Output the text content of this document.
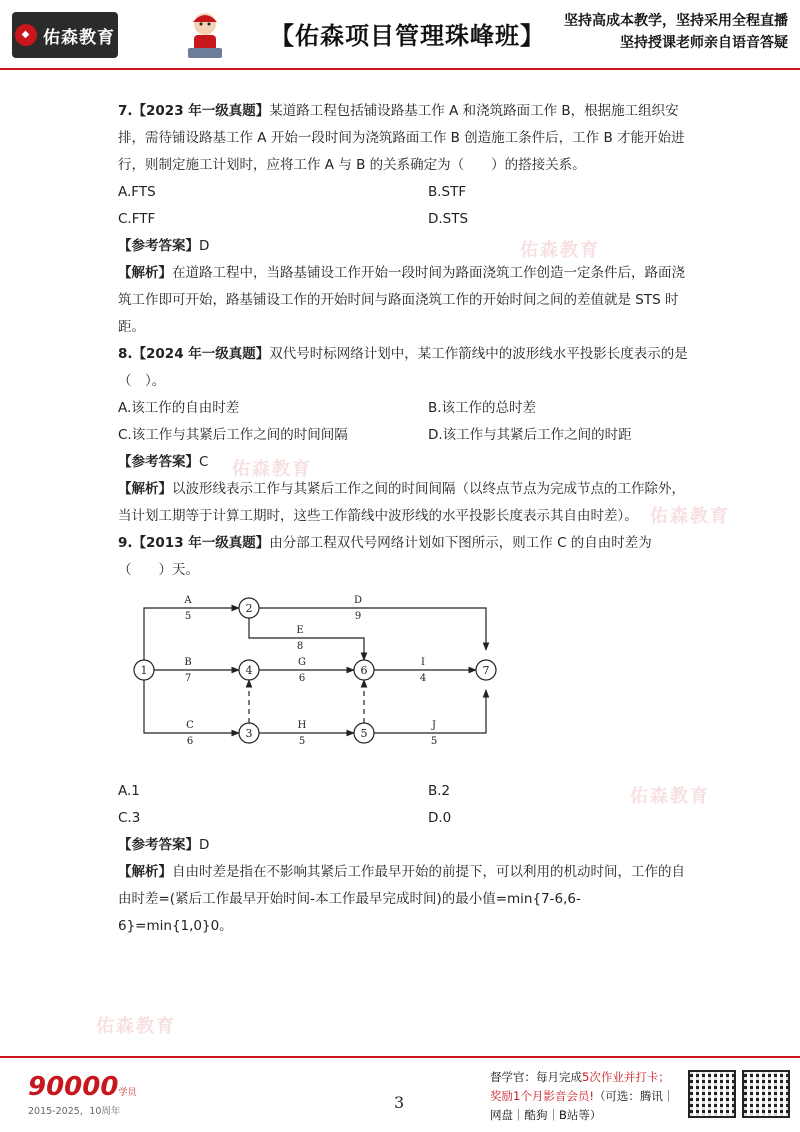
◆ 佑森教育	【佑森项目管理珠峰班】
坚持高成本教学，坚持采用全程直播
坚持授课老师亲自语音答疑
佑森教育
佑森教育
佑森教育
佑森教育
佑森教育

7.【2023 年一级真题】某道路工程包括铺设路基工作 A 和浇筑路面工作 B，根据施工组织安排，需待铺设路基工作 A 开始一段时间为浇筑路面工作 B 创造施工条件后，工作 B 才能开始进行，则制定施工计划时，应将工作 A 与 B 的关系确定为（　　）的搭接关系。

A.FTS	B.STF
C.FTF	D.STS

【参考答案】D

【解析】在道路工程中，当路基铺设工作开始一段时间为路面浇筑工作创造一定条件后，路面浇筑工作即可开始，路基铺设工作的开始时间与路面浇筑工作的开始时间之间的差值就是 STS 时距。

8.【2024 年一级真题】双代号时标网络计划中，某工作箭线中的波形线水平投影长度表示的是（　）。

A.该工作的自由时差	B.该工作的总时差
C.该工作与其紧后工作之间的时间间隔	D.该工作与其紧后工作之间的时距

【参考答案】C

【解析】以波形线表示工作与其紧后工作之间的时间间隔（以终点节点为完成节点的工作除外，当计划工期等于计算工期时，这些工作箭线中波形线的水平投影长度表示其自由时差）。

9.【2013 年一级真题】由分部工程双代号网络计划如下图所示，则工作 C 的自由时差为（　　）天。

1
2
3
4
5
6	7
A
5
D
9
E
8
B
7
G
6
I
4
C
6
H
5
J
5
A.1	B.2
C.3	D.0

【参考答案】D

【解析】自由时差是指在不影响其紧后工作最早开始的前提下，可以利用的机动时间，工作的自由时差=(紧后工作最早开始时间-本工作最早完成时间)的最小值=min{7-6,6-6}=min{1,0}0。

90000学员
2015-2025，10周年	3
督学官：每月完成5次作业并打卡；奖励1个月影音会员!（可选：腾讯｜网盘｜酷狗｜B站等）
